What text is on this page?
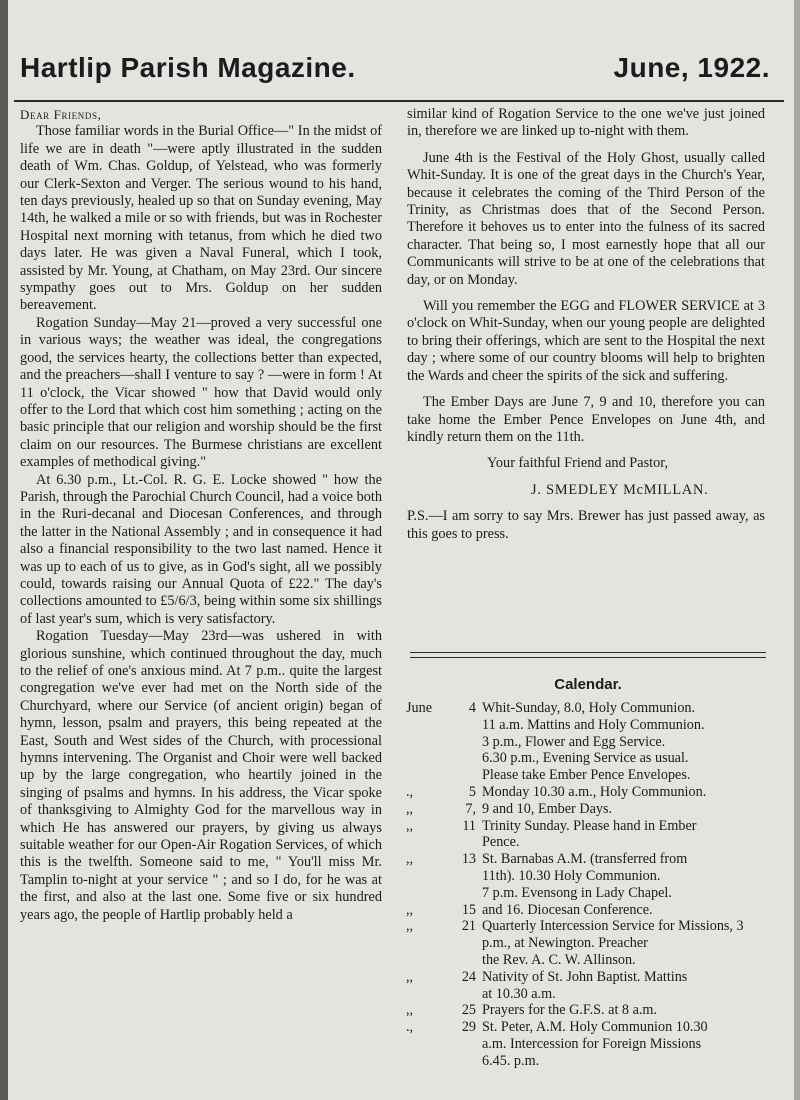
Hartlip Parish Magazine.	June, 1922.

Dear Friends,

Those familiar words in the Burial Office—" In the midst of life we are in death "—were aptly illustrated in the sudden death of Wm. Chas. Goldup, of Yelstead, who was formerly our Clerk-Sexton and Verger. The serious wound to his hand, ten days previously, healed up so that on Sunday evening, May 14th, he walked a mile or so with friends, but was in Rochester Hospital next morning with tetanus, from which he died two days later. He was given a Naval Funeral, which I took, assisted by Mr. Young, at Chatham, on May 23rd. Our sincere sympathy goes out to Mrs. Goldup on her sudden bereavement.

Rogation Sunday—May 21—proved a very successful one in various ways; the weather was ideal, the congregations good, the services hearty, the collections better than expected, and the preachers—shall I venture to say ? —were in form ! At 11 o'clock, the Vicar showed " how that David would only offer to the Lord that which cost him something ; acting on the basic principle that our religion and worship should be the first claim on our resources. The Burmese christians are excellent examples of methodical giving."

At 6.30 p.m., Lt.-Col. R. G. E. Locke showed " how the Parish, through the Parochial Church Council, had a voice both in the Ruri-decanal and Diocesan Conferences, and through the latter in the National Assembly ; and in consequence it had also a financial responsibility to the two last named. Hence it was up to each of us to give, as in God's sight, all we possibly could, towards raising our Annual Quota of £22." The day's collections amounted to £5/6/3, being within some six shillings of last year's sum, which is very satisfactory.

Rogation Tuesday—May 23rd—was ushered in with glorious sunshine, which continued throughout the day, much to the relief of one's anxious mind. At 7 p.m.. quite the largest congregation we've ever had met on the North side of the Churchyard, where our Service (of ancient origin) began of hymn, lesson, psalm and prayers, this being repeated at the East, South and West sides of the Church, with processional hymns intervening. The Organist and Choir were well backed up by the large congregation, who heartily joined in the singing of psalms and hymns. In his address, the Vicar spoke of thanksgiving to Almighty God for the marvellous way in which He has answered our prayers, by giving us always suitable weather for our Open-Air Rogation Services, of which this is the twelfth. Someone said to me, " You'll miss Mr. Tamplin to-night at your service " ; and so I do, for he was at the first, and also at the last one. Some five or six hundred years ago, the people of Hartlip probably held a

similar kind of Rogation Service to the one we've just joined in, therefore we are linked up to-night with them.

June 4th is the Festival of the Holy Ghost, usually called Whit-Sunday. It is one of the great days in the Church's Year, because it celebrates the coming of the Third Person of the Trinity, as Christmas does that of the Second Person. Therefore it behoves us to enter into the fulness of its sacred character. That being so, I most earnestly hope that all our Communicants will strive to be at one of the celebrations that day, or on Monday.

Will you remember the EGG and FLOWER SERVICE at 3 o'clock on Whit-Sunday, when our young people are delighted to bring their offerings, which are sent to the Hospital the next day ; where some of our country blooms will help to brighten the Wards and cheer the spirits of the sick and suffering.

The Ember Days are June 7, 9 and 10, therefore you can take home the Ember Pence Envelopes on June 4th, and kindly return them on the 11th.

Your faithful Friend and Pastor,

J. SMEDLEY McMILLAN.

P.S.—I am sorry to say Mrs. Brewer has just passed away, as this goes to press.

Calendar.
June	4 Whit-Sunday, 8.0, Holy Communion.
11 a.m. Mattins and Holy Communion.
3 p.m., Flower and Egg Service.
6.30 p.m., Evening Service as usual.
Please take Ember Pence Envelopes.
.,	5 Monday 10.30 a.m., Holy Communion.
,,	7, 9 and 10, Ember Days.
,,	11 Trinity Sunday. Please hand in Ember
Pence.
,,	13 St. Barnabas A.M. (transferred from
11th). 10.30 Holy Communion.
7 p.m. Evensong in Lady Chapel.
,,	15 and 16. Diocesan Conference.
,,	21 Quarterly Intercession Service for Missions, 3 p.m., at Newington. Preacher
the Rev. A. C. W. Allinson.
,,	24 Nativity of St. John Baptist. Mattins
at 10.30 a.m.
,,	25 Prayers for the G.F.S. at 8 a.m.
.,	29 St. Peter, A.M. Holy Communion 10.30
a.m. Intercession for Foreign Missions
6.45. p.m.
